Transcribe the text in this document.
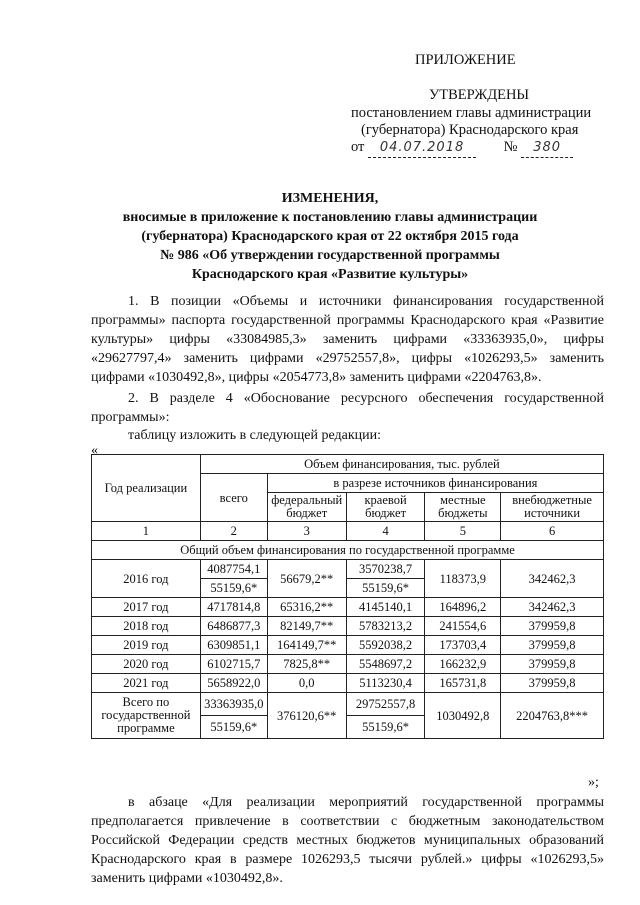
ПРИЛОЖЕНИЕ
УТВЕРЖДЕНЫ
постановлением главы администрации
(губернатора) Краснодарского края
от 04.07.2018	№ 380
ИЗМЕНЕНИЯ,
вносимые в приложение к постановлению главы администрации
(губернатора) Краснодарского края от 22 октября 2015 года
№ 986 «Об утверждении государственной программы
Краснодарского края «Развитие культуры»
1. В позиции «Объемы и источники финансирования государственной программы» паспорта государственной программы Краснодарского края «Развитие культуры» цифры «33084985,3» заменить цифрами «33363935,0», цифры «29627797,4» заменить цифрами «29752557,8», цифры «1026293,5» заменить цифрами «1030492,8», цифры «2054773,8» заменить цифрами «2204763,8».
2. В разделе 4 «Обоснование ресурсного обеспечения государственной программы»:
таблицу изложить в следующей редакции:
«
Год реализации	Объем финансирования, тыс. рублей				
	всего	в разрезе источников финансирования			
		федеральный бюджет	краевой бюджет	местные бюджеты	внебюджетные источники
1	2	3	4	5	6
Общий объем финансирования по государственной программе					
2016 год	4087754,1	56679,2**	3570238,7	118373,9	342462,3
	55159,6*		55159,6*		
2017 год	4717814,8	65316,2**	4145140,1	164896,2	342462,3
2018 год	6486877,3	82149,7**	5783213,2	241554,6	379959,8
2019 год	6309851,1	164149,7**	5592038,2	173703,4	379959,8
2020 год	6102715,7	7825,8**	5548697,2	166232,9	379959,8
2021 год	5658922,0	0,0	5113230,4	165731,8	379959,8
Всего по государственной программе	33363935,0	376120,6**	29752557,8	1030492,8	2204763,8***
	55159,6*		55159,6*		
»;
в абзаце «Для реализации мероприятий государственной программы предполагается привлечение в соответствии с бюджетным законодательством Российской Федерации средств местных бюджетов муниципальных образований Краснодарского края в размере 1026293,5 тысячи рублей.» цифры «1026293,5» заменить цифрами «1030492,8».
